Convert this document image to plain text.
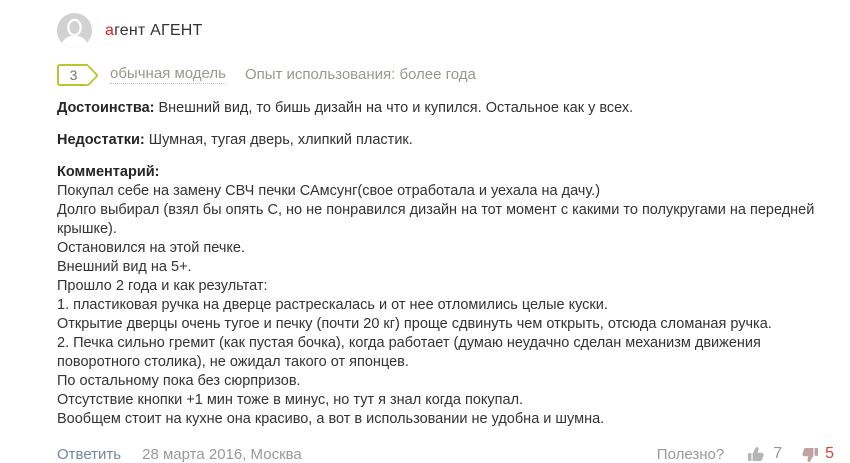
агент АГЕНТ
3 обычная модель Опыт использования: более года
Достоинства: Внешний вид, то бишь дизайн на что и купился. Остальное как у всех.
Недостатки: Шумная, тугая дверь, хлипкий пластик.

Комментарий:

Покупал себе на замену СВЧ печки САмсунг(свое отработала и уехала на дачу.)

Долго выбирал (взял бы опять С, но не понравился дизайн на тот момент с какими то полукругами на передней крышке).

Остановился на этой печке.

Внешний вид на 5+.

Прошло 2 года и как результат:

1. пластиковая ручка на дверце растрескалась и от нее отломились целые куски.

Открытие дверцы очень тугое и печку (почти 20 кг) проще сдвинуть чем открыть, отсюда сломаная ручка.

2. Печка сильно гремит (как пустая бочка), когда работает (думаю неудачно сделан механизм движения поворотного столика), не ожидал такого от японцев.

По остальному пока без сюрпризов.

Отсутствие кнопки +1 мин тоже в минус, но тут я знал когда покупал.

Вообщем стоит на кухне она красиво, а вот в использовании не удобна и шумна.

Ответить 28 марта 2016, Москва	Полезно?	7	5
